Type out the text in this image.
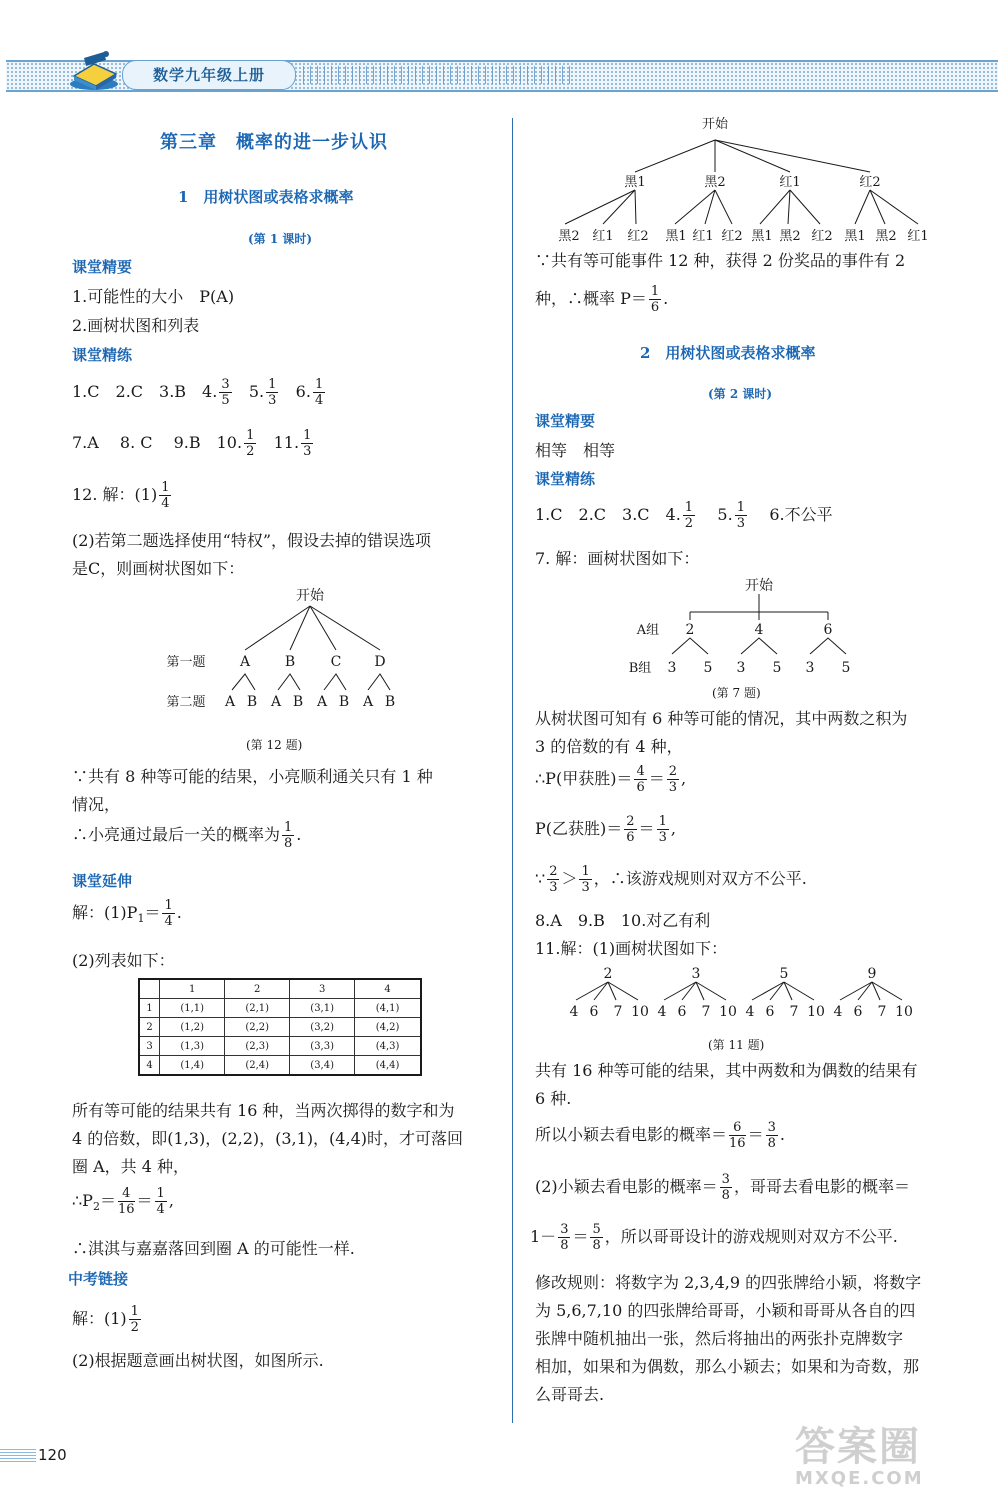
数学九年级上册
第三章　概率的进一步认识
1　用树状图或表格求概率
(第 1 课时)
课堂精要
1.可能性的大小　P(A)
2.画树状图和列表
课堂精练
1.C　2.C　3.B　4. $\frac{3}{5} 5$. $\frac{1}{3} 6$. $\frac{1}{4}$
7.A　 8. C　 9.B　10. $\frac{1}{2} 11$. $\frac{1}{3}$
12. 解：$(1) \frac{1}{4}$
(2)若第二题选择使用“特权”，假设去掉的错误选项
是C，则画树状图如下：
开始
第一题 A B	C D
第二题 A B A B A B A B
(第 12 题)
∵共有 8 种等可能的结果，小亮顺利通关只有 1 种
情况，
∴小亮通过最后一关的概率为 $\frac{1}{8}$ .
课堂延伸
解：$(1)P_1= \frac{1}{4}$ .
(2)列表如下：
	1	2	3	4
1	(1,1)	(2,1)	(3,1)	(4,1)
2	(1,2)	(2,2)	(3,2)	(4,2)
3	(1,3)	(2,3)	(3,3)	(4,3)
4	(1,4)	(2,4)	(3,4)	(4,4)
所有等可能的结果共有 16 种，当两次掷得的数字和为
4 的倍数，即(1,3)，(2,2)，(3,1)，(4,4)时，才可落回
圈 A，共 4 种，
$\therefore P_2= \frac{4}{16} = \frac{1}{4}$ ,
∴淇淇与嘉嘉落回到圈 A 的可能性一样.
中考链接
解：$(1) \frac{1}{2}$
(2)根据题意画出树状图，如图所示.
开始
黑1	黑2	红1	红2
黑2 红1 红2 黑1 红1 红2 黑1 黑2 红2 黑1 黑2 红1
∵共有等可能事件 12 种，获得 2 份奖品的事件有 2
种，∴概率 $P= \frac{1}{6}$ .
2　用树状图或表格求概率
(第 2 课时)
课堂精要
相等　相等
课堂精练
1.C　2.C　3.C　4. $\frac{1}{2} 5$. $\frac{1}{3} 6$.不公平
7. 解：画树状图如下：
开始
A组 2	4	6
B组 3 5 3 5 3 5
(第 7 题)
从树状图可知有 6 种等可能的情况，其中两数之积为
3 的倍数的有 4 种，
∴P(甲获胜)＝ $\frac{4}{6} = \frac{2}{3}$ ,
P(乙获胜)＝ $\frac{2}{6} = \frac{1}{3}$ ,
∵ $\frac{2}{3} > \frac{1}{3}$ ，∴该游戏规则对双方不公平.
8.A　9.B　10.对乙有利
11.解：(1)画树状图如下：
2	3	5	9
4 6 7 10 4 6 7 10 4 6 7 10 4 6 7 10
(第 11 题)
共有 16 种等可能的结果，其中两数和为偶数的结果有
6 种.
所以小颖去看电影的概率＝ $\frac{6}{16} = \frac{3}{8}$ .
(2)小颖去看电影的概率＝ $\frac{3}{8}$ ，哥哥去看电影的概率＝
$1- \frac{3}{8} = \frac{5}{8}$ ，所以哥哥设计的游戏规则对双方不公平.
修改规则：将数字为 2,3,4,9 的四张牌给小颖，将数字
为 5,6,7,10 的四张牌给哥哥，小颖和哥哥从各自的四
张牌中随机抽出一张，然后将抽出的两张扑克牌数字
相加，如果和为偶数，那么小颖去；如果和为奇数，那
么哥哥去.
120	答案圈
MXQE.COM
